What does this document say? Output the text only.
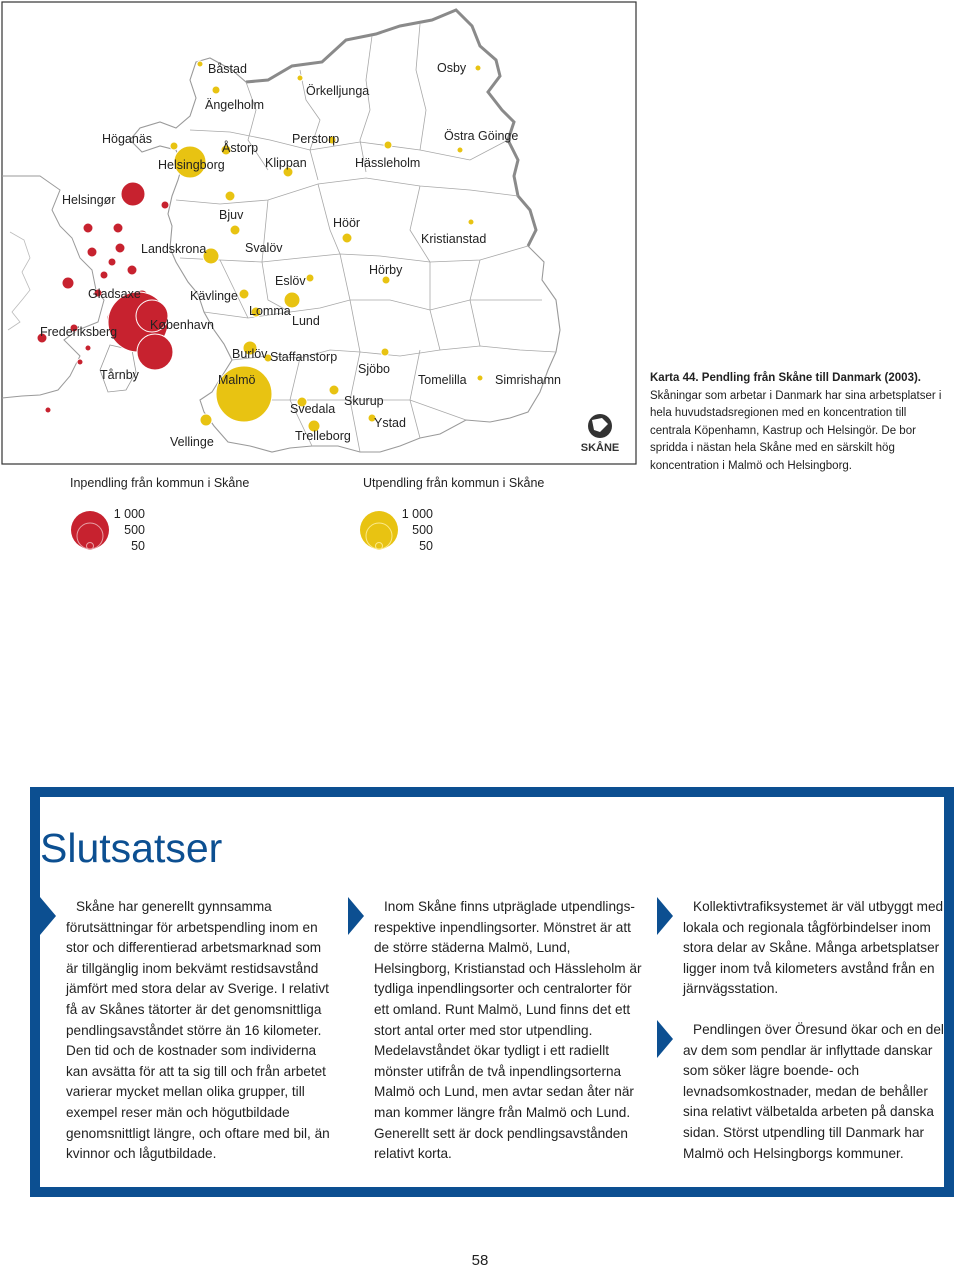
Båstad
Ängelholm
Örkelljunga
Osby
Höganäs
Åstorp
Perstorp	Östra Göinge
Helsingborg	Klippan	Hässleholm
Helsingør
Bjuv
Höör
Kristianstad
Landskrona	Svalöv
Hörby
Eslöv
Gladsaxe	Kävlinge
Lomma
Lund
København
Frederiksberg
Burlöv Staffanstorp
Sjöbo
Tårnby	Malmö	Tomelilla Simrishamn
Skurup
Svedala
Ystad
Trelleborg
Vellinge	SKÅNE
Inpendling från kommun i Skåne	Utpendling från kommun i Skåne
1 000
500
50
1 000
500
50
Karta 44. Pendling från Skåne till Danmark (2003). Skåningar som arbetar i Danmark har sina arbetsplatser i hela huvudstadsregionen med en koncentration till centrala Köpenhamn, Kastrup och Helsingör. De bor spridda i nästan hela Skåne med en särskilt hög koncentration i Malmö och Helsingborg.
Slutsatser
Skåne har generellt gynnsamma förutsättningar för arbetspendling inom en stor och differentierad arbetsmarknad som är tillgänglig inom bekvämt restidsavstånd jämfört med stora delar av Sverige. I relativt få av Skånes tätorter är det genomsnittliga pendlingsavståndet större än 16 kilometer. Den tid och de kostnader som individerna kan avsätta för att ta sig till och från arbetet varierar mycket mellan olika grupper, till exempel reser män och högutbildade genomsnittligt längre, och oftare med bil, än kvinnor och lågutbildade.
Inom Skåne finns utpräglade utpendlings- respektive inpendlingsorter. Mönstret är att de större städerna Malmö, Lund, Helsingborg, Kristianstad och Hässleholm är tydliga inpendlingsorter och centralorter för ett omland. Runt Malmö, Lund finns det ett stort antal orter med stor utpendling. Medelavståndet ökar tydligt i ett radiellt mönster utifrån de två inpendlingsorterna Malmö och Lund, men avtar sedan åter när man kommer längre från Malmö och Lund. Generellt sett är dock pendlingsavstånden relativt korta.
Kollektivtrafiksystemet är väl utbyggt med lokala och regionala tågförbindelser inom stora delar av Skåne. Många arbetsplatser ligger inom två kilometers avstånd från en järnvägsstation.
Pendlingen över Öresund ökar och en del av dem som pendlar är inflyttade danskar som söker lägre boende- och levnadsomkostnader, medan de behåller sina relativt välbetalda arbeten på danska sidan. Störst utpendling till Danmark har Malmö och Helsingborgs kommuner.
58
